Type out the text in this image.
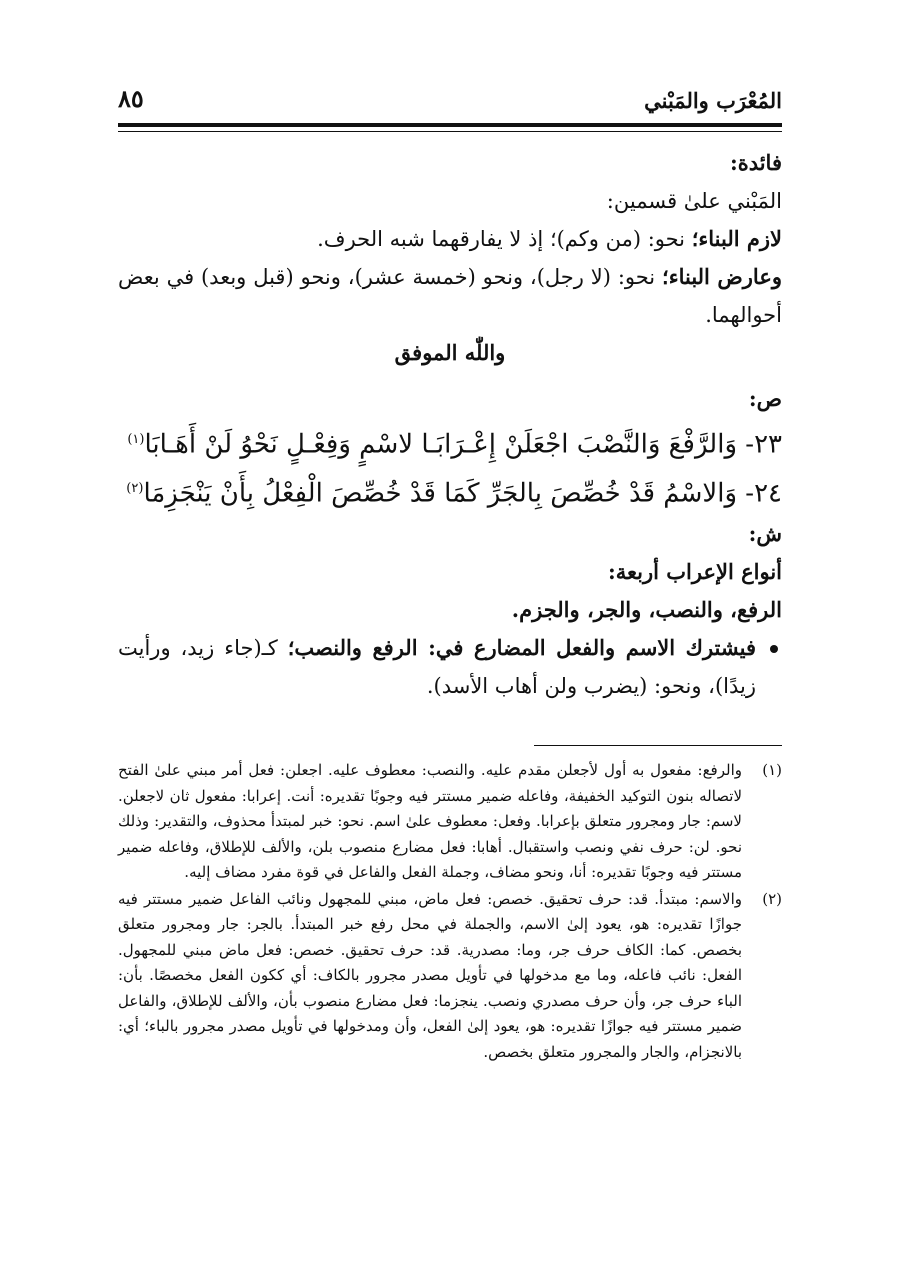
المُعْرَب والمَبْني
٨٥

فائدة:

المَبْني علىٰ قسمين:

لازم البناء؛ نحو: (من وكم)؛ إذ لا يفارقهما شبه الحرف.

وعارض البناء؛ نحو: (لا رجل)، ونحو (خمسة عشر)، ونحو (قبل وبعد) في بعض أحوالهما.

واللّٰه الموفق

ص:

٢٣- وَالرَّفْعَ وَالنَّصْبَ اجْعَلَنْ إِعْـرَابَـا لاسْمٍ وَفِعْـلٍ نَحْوُ لَنْ أَهَـابَا$^{(١)}$

٢٤- وَالاسْمُ قَدْ خُصِّصَ بِالجَرِّ كَمَا قَدْ خُصِّصَ الْفِعْلُ بِأَنْ يَنْجَزِمَا$^{(٢)}$

ش:

أنواع الإعراب أربعة:

الرفع، والنصب، والجر، والجزم.

فيشترك الاسم والفعل المضارع في: الرفع والنصب؛ كـ(جاء زيد، ورأيت زيدًا)، ونحو: (يضرب ولن أهاب الأسد).

(١)
والرفع: مفعول به أول لأجعلن مقدم عليه. والنصب: معطوف عليه. اجعلن: فعل أمر مبني علىٰ الفتح لاتصاله بنون التوكيد الخفيفة، وفاعله ضمير مستتر فيه وجوبًا تقديره: أنت. إعرابا: مفعول ثان لاجعلن. لاسم: جار ومجرور متعلق بإعرابا. وفعل: معطوف علىٰ اسم. نحو: خبر لمبتدأ محذوف، والتقدير: وذلك نحو. لن: حرف نفي ونصب واستقبال. أهابا: فعل مضارع منصوب بلن، والألف للإطلاق، وفاعله ضمير مستتر فيه وجوبًا تقديره: أنا، ونحو مضاف، وجملة الفعل والفاعل في قوة مفرد مضاف إليه.

(٢)
والاسم: مبتدأ. قد: حرف تحقيق. خصص: فعل ماض، مبني للمجهول ونائب الفاعل ضمير مستتر فيه جوازًا تقديره: هو، يعود إلىٰ الاسم، والجملة في محل رفع خبر المبتدأ. بالجر: جار ومجرور متعلق بخصص. كما: الكاف حرف جر، وما: مصدرية. قد: حرف تحقيق. خصص: فعل ماض مبني للمجهول. الفعل: نائب فاعله، وما مع مدخولها في تأويل مصدر مجرور بالكاف: أي ككون الفعل مخصصًا. بأن: الباء حرف جر، وأن حرف مصدري ونصب. ينجزما: فعل مضارع منصوب بأن، والألف للإطلاق، والفاعل ضمير مستتر فيه جوازًا تقديره: هو، يعود إلىٰ الفعل، وأن ومدخولها في تأويل مصدر مجرور بالباء؛ أي: بالانجزام، والجار والمجرور متعلق بخصص.
